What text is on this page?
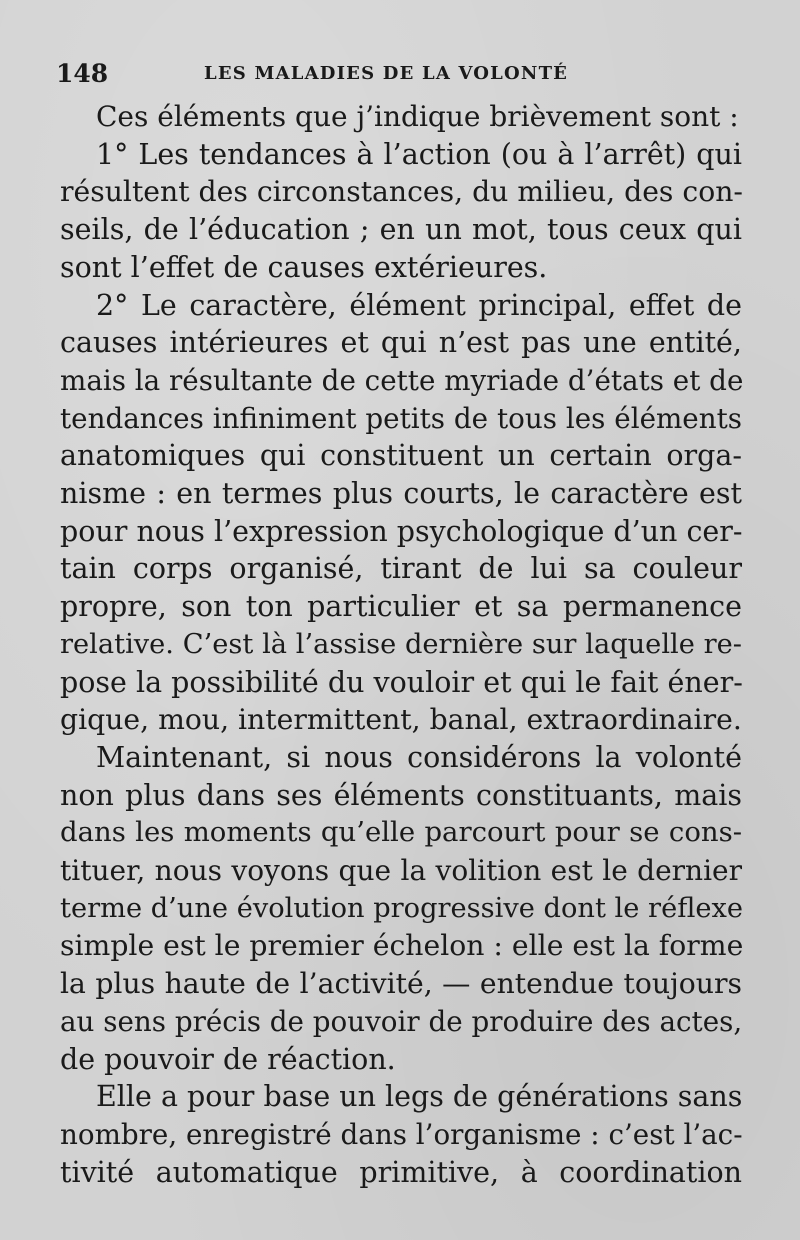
148	LES MALADIES DE LA VOLONTÉ
Ces éléments que j’indique brièvement sont :
1° Les tendances à l’action (ou à l’arrêt) qui
résultent des circonstances, du milieu, des con-
seils, de l’éducation ; en un mot, tous ceux qui
sont l’effet de causes extérieures.
2° Le caractère, élément principal, effet de
causes intérieures et qui n’est pas une entité,
mais la résultante de cette myriade d’états et de
tendances infiniment petits de tous les éléments
anatomiques qui constituent un certain orga-
nisme : en termes plus courts, le caractère est
pour nous l’expression psychologique d’un cer-
tain corps organisé, tirant de lui sa couleur
propre, son ton particulier et sa permanence
relative. C’est là l’assise dernière sur laquelle re-
pose la possibilité du vouloir et qui le fait éner-
gique, mou, intermittent, banal, extraordinaire.
Maintenant, si nous considérons la volonté
non plus dans ses éléments constituants, mais
dans les moments qu’elle parcourt pour se cons-
tituer, nous voyons que la volition est le dernier
terme d’une évolution progressive dont le réflexe
simple est le premier échelon : elle est la forme
la plus haute de l’activité, — entendue toujours
au sens précis de pouvoir de produire des actes,
de pouvoir de réaction.
Elle a pour base un legs de générations sans
nombre, enregistré dans l’organisme : c’est l’ac-
tivité automatique primitive, à coordination
